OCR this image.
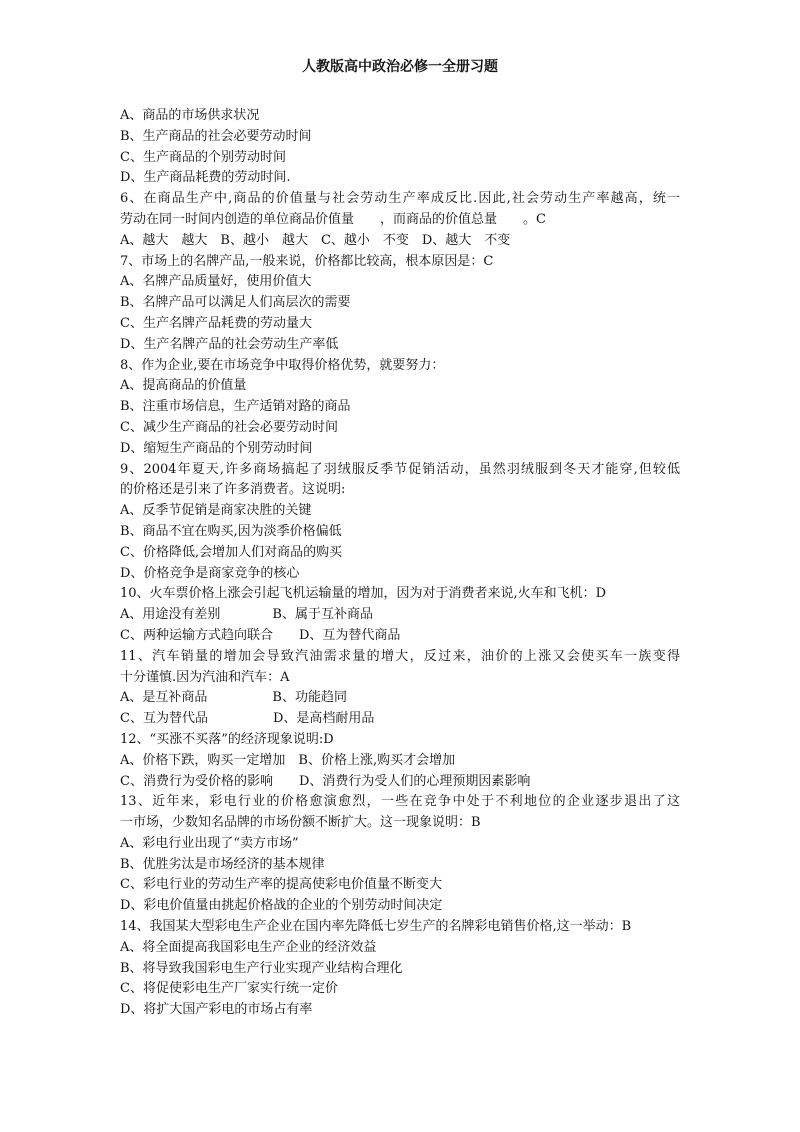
人教版高中政治必修一全册习题
A、商品的市场供求状况
B、生产商品的社会必要劳动时间
C、生产商品的个别劳动时间
D、生产商品耗费的劳动时间.
6、在商品生产中,商品的价值量与社会劳动生产率成反比.因此,社会劳动生产率越高，统一
劳动在同一时间内创造的单位商品价值量　　，而商品的价值总量　　。C
A、越大　越大　B、越小　越大　C、越小　不变　D、越大　不变
7、市场上的名牌产品,一般来说，价格都比较高，根本原因是：C
A、名牌产品质量好，使用价值大
B、名牌产品可以满足人们高层次的需要
C、生产名牌产品耗费的劳动量大
D、生产名牌产品的社会劳动生产率低
8、作为企业,要在市场竞争中取得价格优势，就要努力：
A、提高商品的价值量
B、注重市场信息，生产适销对路的商品
C、减少生产商品的社会必要劳动时间
D、缩短生产商品的个别劳动时间
9、2004年夏天,许多商场搞起了羽绒服反季节促销活动，虽然羽绒服到冬天才能穿,但较低
的价格还是引来了许多消费者。这说明:
A、反季节促销是商家决胜的关键
B、商品不宜在购买,因为淡季价格偏低
C、价格降低,会增加人们对商品的购买
D、价格竞争是商家竞争的核心
10、火车票价格上涨会引起飞机运输量的增加，因为对于消费者来说,火车和飞机：D
A、用途没有差别　　　　B、属于互补商品
C、两种运输方式趋向联合　　D、互为替代商品
11、汽车销量的增加会导致汽油需求量的增大，反过来，油价的上涨又会使买车一族变得
十分谨慎.因为汽油和汽车：A
A、是互补商品　　　　　B、功能趋同
C、互为替代品　　　　　D、是高档耐用品
12、“买涨不买落”的经济现象说明:D
A、价格下跌，购买一定增加　B、价格上涨,购买才会增加
C、消费行为受价格的影响　　D、消费行为受人们的心理预期因素影响
13、近年来，彩电行业的价格愈演愈烈，一些在竞争中处于不利地位的企业逐步退出了这
一市场，少数知名品牌的市场份额不断扩大。这一现象说明：B
A、彩电行业出现了“卖方市场”
B、优胜劣汰是市场经济的基本规律
C、彩电行业的劳动生产率的提高使彩电价值量不断变大
D、彩电价值量由挑起价格战的企业的个别劳动时间决定
14、我国某大型彩电生产企业在国内率先降低七岁生产的名牌彩电销售价格,这一举动：B
A、将全面提高我国彩电生产企业的经济效益
B、将导致我国彩电生产行业实现产业结构合理化
C、将促使彩电生产厂家实行统一定价
D、将扩大国产彩电的市场占有率
